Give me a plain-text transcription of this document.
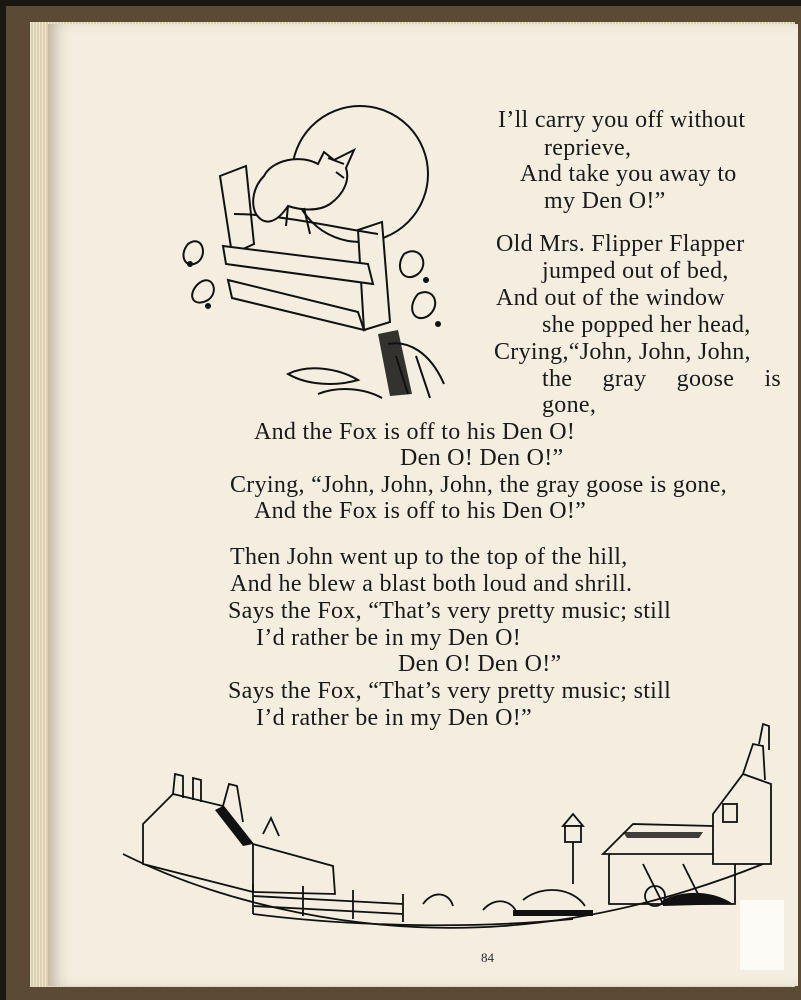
I’ll carry you off without

reprieve,

And take you away to

my Den O!”

Old Mrs. Flipper Flapper

jumped out of bed,

And out of the window

she popped her head,

Crying,“John, John, John,

the gray goose is

gone,

And the Fox is off to his Den O!

Den O! Den O!”

Crying, “John, John, John, the gray goose is gone,

And the Fox is off to his Den O!”

Then John went up to the top of the hill,

And he blew a blast both loud and shrill.

Says the Fox, “That’s very pretty music; still

I’d rather be in my Den O!

Den O! Den O!”

Says the Fox, “That’s very pretty music; still

I’d rather be in my Den O!”

84
